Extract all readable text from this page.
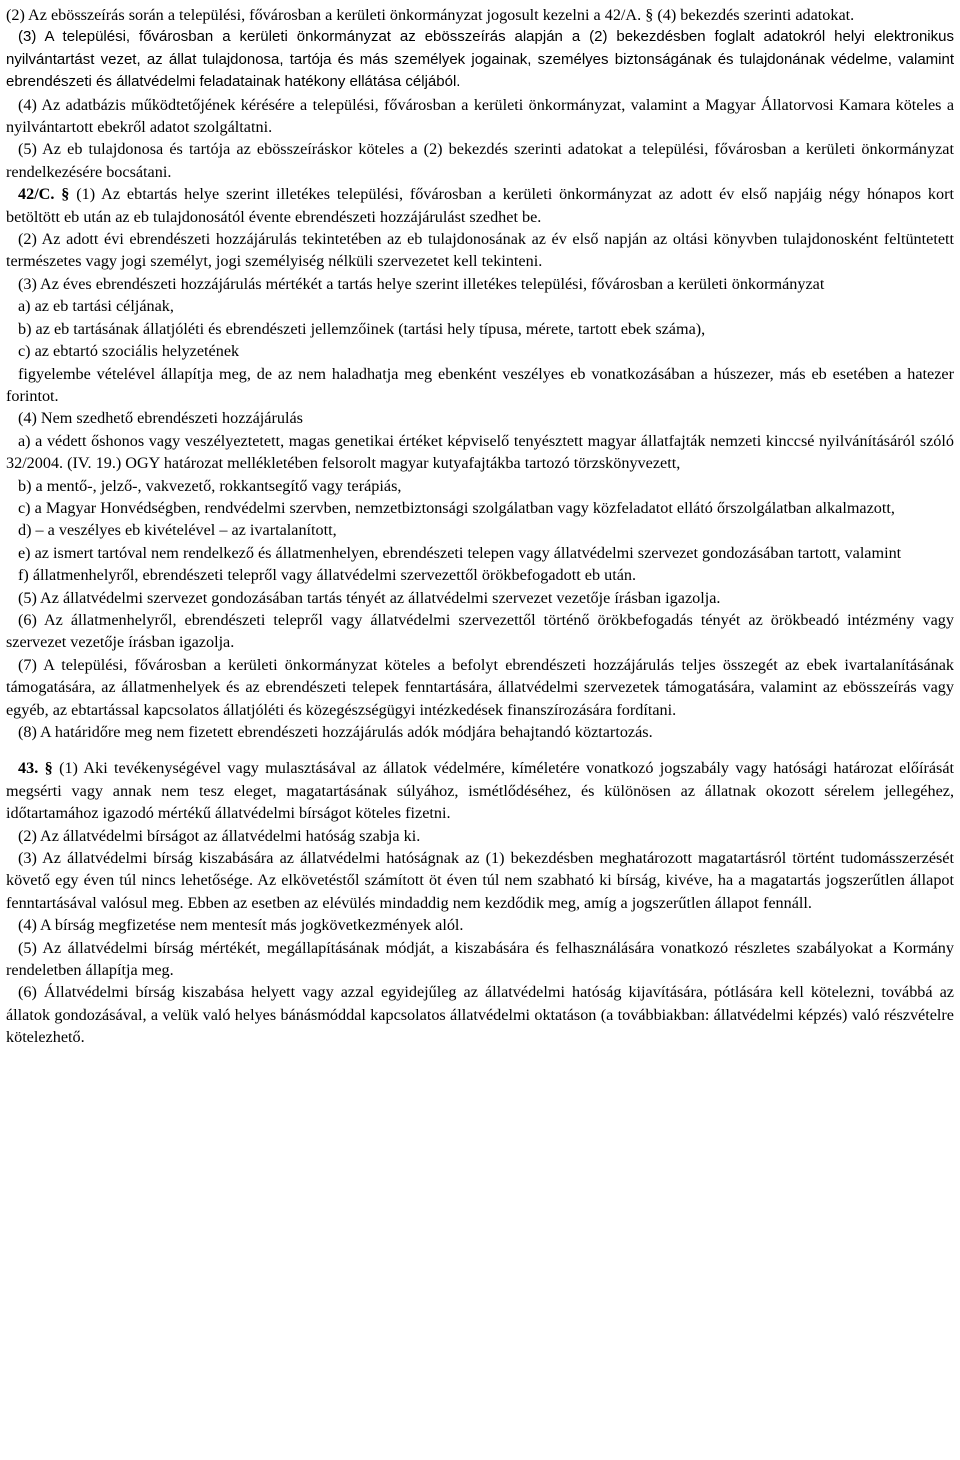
(2) Az ebösszeírás során a települési, fővárosban a kerületi önkormányzat jogosult kezelni a 42/A. § (4) bekezdés szerinti adatokat.

(3) A települési, fővárosban a kerületi önkormányzat az ebösszeírás alapján a (2) bekezdésben foglalt adatokról helyi elektronikus nyilvántartást vezet, az állat tulajdonosa, tartója és más személyek jogainak, személyes biztonságának és tulajdonának védelme, valamint ebrendészeti és állatvédelmi feladatainak hatékony ellátása céljából.

(4) Az adatbázis működtetőjének kérésére a települési, fővárosban a kerületi önkormányzat, valamint a Magyar Állatorvosi Kamara köteles a nyilvántartott ebekről adatot szolgáltatni.

(5) Az eb tulajdonosa és tartója az ebösszeíráskor köteles a (2) bekezdés szerinti adatokat a települési, fővárosban a kerületi önkormányzat rendelkezésére bocsátani.

42/C. § (1) Az ebtartás helye szerint illetékes települési, fővárosban a kerületi önkormányzat az adott év első napjáig négy hónapos kort betöltött eb után az eb tulajdonosától évente ebrendészeti hozzájárulást szedhet be.

(2) Az adott évi ebrendészeti hozzájárulás tekintetében az eb tulajdonosának az év első napján az oltási könyvben tulajdonosként feltüntetett természetes vagy jogi személyt, jogi személyiség nélküli szervezetet kell tekinteni.

(3) Az éves ebrendészeti hozzájárulás mértékét a tartás helye szerint illetékes települési, fővárosban a kerületi önkormányzat

a) az eb tartási céljának,

b) az eb tartásának állatjóléti és ebrendészeti jellemzőinek (tartási hely típusa, mérete, tartott ebek száma),

c) az ebtartó szociális helyzetének

figyelembe vételével állapítja meg, de az nem haladhatja meg ebenként veszélyes eb vonatkozásában a húszezer, más eb esetében a hatezer forintot.

(4) Nem szedhető ebrendészeti hozzájárulás

a) a védett őshonos vagy veszélyeztetett, magas genetikai értéket képviselő tenyésztett magyar állatfajták nemzeti kinccsé nyilvánításáról szóló 32/2004. (IV. 19.) OGY határozat mellékletében felsorolt magyar kutyafajtákba tartozó törzskönyvezett,

b) a mentő-, jelző-, vakvezető, rokkantsegítő vagy terápiás,

c) a Magyar Honvédségben, rendvédelmi szervben, nemzetbiztonsági szolgálatban vagy közfeladatot ellátó őrszolgálatban alkalmazott,

d) – a veszélyes eb kivételével – az ivartalanított,

e) az ismert tartóval nem rendelkező és állatmenhelyen, ebrendészeti telepen vagy állatvédelmi szervezet gondozásában tartott, valamint

f) állatmenhelyről, ebrendészeti telepről vagy állatvédelmi szervezettől örökbefogadott eb után.

(5) Az állatvédelmi szervezet gondozásában tartás tényét az állatvédelmi szervezet vezetője írásban igazolja.

(6) Az állatmenhelyről, ebrendészeti telepről vagy állatvédelmi szervezettől történő örökbefogadás tényét az örökbeadó intézmény vagy szervezet vezetője írásban igazolja.

(7) A települési, fővárosban a kerületi önkormányzat köteles a befolyt ebrendészeti hozzájárulás teljes összegét az ebek ivartalanításának támogatására, az állatmenhelyek és az ebrendészeti telepek fenntartására, állatvédelmi szervezetek támogatására, valamint az ebösszeírás vagy egyéb, az ebtartással kapcsolatos állatjóléti és közegészségügyi intézkedések finanszírozására fordítani.

(8) A határidőre meg nem fizetett ebrendészeti hozzájárulás adók módjára behajtandó köztartozás.

43. § (1) Aki tevékenységével vagy mulasztásával az állatok védelmére, kíméletére vonatkozó jogszabály vagy hatósági határozat előírását megsérti vagy annak nem tesz eleget, magatartásának súlyához, ismétlődéséhez, és különösen az állatnak okozott sérelem jellegéhez, időtartamához igazodó mértékű állatvédelmi bírságot köteles fizetni.

(2) Az állatvédelmi bírságot az állatvédelmi hatóság szabja ki.

(3) Az állatvédelmi bírság kiszabására az állatvédelmi hatóságnak az (1) bekezdésben meghatározott magatartásról történt tudomásszerzését követő egy éven túl nincs lehetősége. Az elkövetéstől számított öt éven túl nem szabható ki bírság, kivéve, ha a magatartás jogszerűtlen állapot fenntartásával valósul meg. Ebben az esetben az elévülés mindaddig nem kezdődik meg, amíg a jogszerűtlen állapot fennáll.

(4) A bírság megfizetése nem mentesít más jogkövetkezmények alól.

(5) Az állatvédelmi bírság mértékét, megállapításának módját, a kiszabására és felhasználására vonatkozó részletes szabályokat a Kormány rendeletben állapítja meg.

(6) Állatvédelmi bírság kiszabása helyett vagy azzal egyidejűleg az állatvédelmi hatóság kijavítására, pótlására kell kötelezni, továbbá az állatok gondozásával, a velük való helyes bánásmóddal kapcsolatos állatvédelmi oktatáson (a továbbiakban: állatvédelmi képzés) való részvételre kötelezhető.
